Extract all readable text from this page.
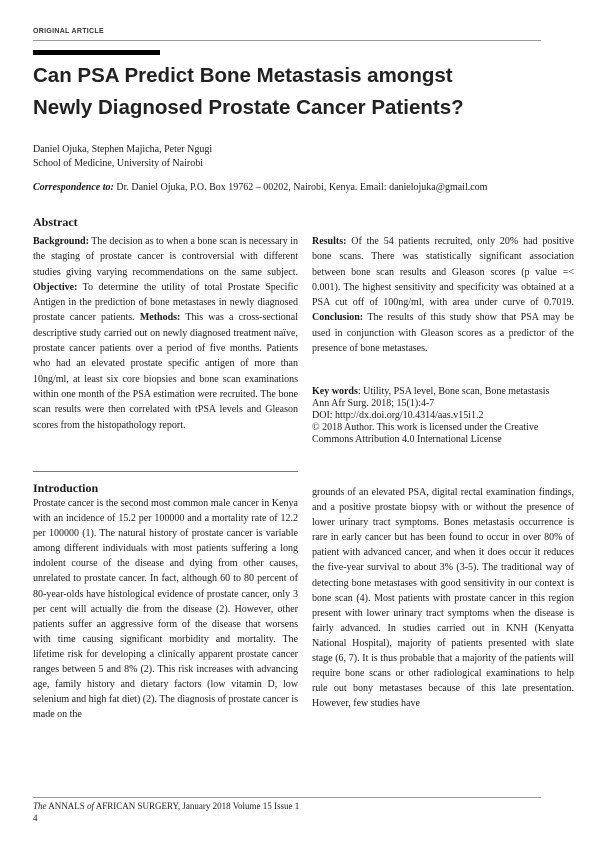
ORIGINAL ARTICLE
Can PSA Predict Bone Metastasis amongst
Newly Diagnosed Prostate Cancer Patients?
Daniel Ojuka, Stephen Majicha, Peter Ngugi
School of Medicine, University of Nairobi
Correspondence to: Dr. Daniel Ojuka, P.O. Box 19762 – 00202, Nairobi, Kenya. Email: danielojuka@gmail.com
Abstract

Background: The decision as to when a bone scan is necessary in the staging of prostate cancer is controversial with different studies giving varying recommendations on the same subject. Objective: To determine the utility of total Prostate Specific Antigen in the prediction of bone metastases in newly diagnosed prostate cancer patients. Methods: This was a cross-sectional descriptive study carried out on newly diagnosed treatment naïve, prostate cancer patients over a period of five months. Patients who had an elevated prostate specific antigen of more than 10ng/ml, at least six core biopsies and bone scan examinations within one month of the PSA estimation were recruited. The bone scan results were then correlated with tPSA levels and Gleason scores from the histopathology report.

Results: Of the 54 patients recruited, only 20% had positive bone scans. There was statistically significant association between bone scan results and Gleason scores (p value =< 0.001). The highest sensitivity and specificity was obtained at a PSA cut off of 100ng/ml, with area under curve of 0.7019. Conclusion: The results of this study show that PSA may be used in conjunction with Gleason scores as a predictor of the presence of bone metastases.

Key words: Utility, PSA level, Bone scan, Bone metastasis
Ann Afr Surg. 2018; 15(1):4-7
DOI: http://dx.doi.org/10.4314/aas.v15i1.2
© 2018 Author. This work is licensed under the Creative Commons Attribution 4.0 International License
Introduction

Prostate cancer is the second most common male cancer in Kenya with an incidence of 15.2 per 100000 and a mortality rate of 12.2 per 100000 (1). The natural history of prostate cancer is variable among different individuals with most patients suffering a long indolent course of the disease and dying from other causes, unrelated to prostate cancer. In fact, although 60 to 80 percent of 80-year-olds have histological evidence of prostate cancer, only 3 per cent will actually die from the disease (2). However, other patients suffer an aggressive form of the disease that worsens with time causing significant morbidity and mortality. The lifetime risk for developing a clinically apparent prostate cancer ranges between 5 and 8% (2). This risk increases with advancing age, family history and dietary factors (low vitamin D, low selenium and high fat diet) (2). The diagnosis of prostate cancer is made on the

grounds of an elevated PSA, digital rectal examination findings, and a positive prostate biopsy with or without the presence of lower urinary tract symptoms. Bones metastasis occurrence is rare in early cancer but has been found to occur in over 80% of patient with advanced cancer, and when it does occur it reduces the five-year survival to about 3% (3-5). The traditional way of detecting bone metastases with good sensitivity in our context is bone scan (4). Most patients with prostate cancer in this region present with lower urinary tract symptoms when the disease is fairly advanced. In studies carried out in KNH (Kenyatta National Hospital), majority of patients presented with slate stage (6, 7). It is thus probable that a majority of the patients will require bone scans or other radiological examinations to help rule out bony metastases because of this late presentation. However, few studies have

The ANNALS of AFRICAN SURGERY, January 2018 Volume 15 Issue 1
4
